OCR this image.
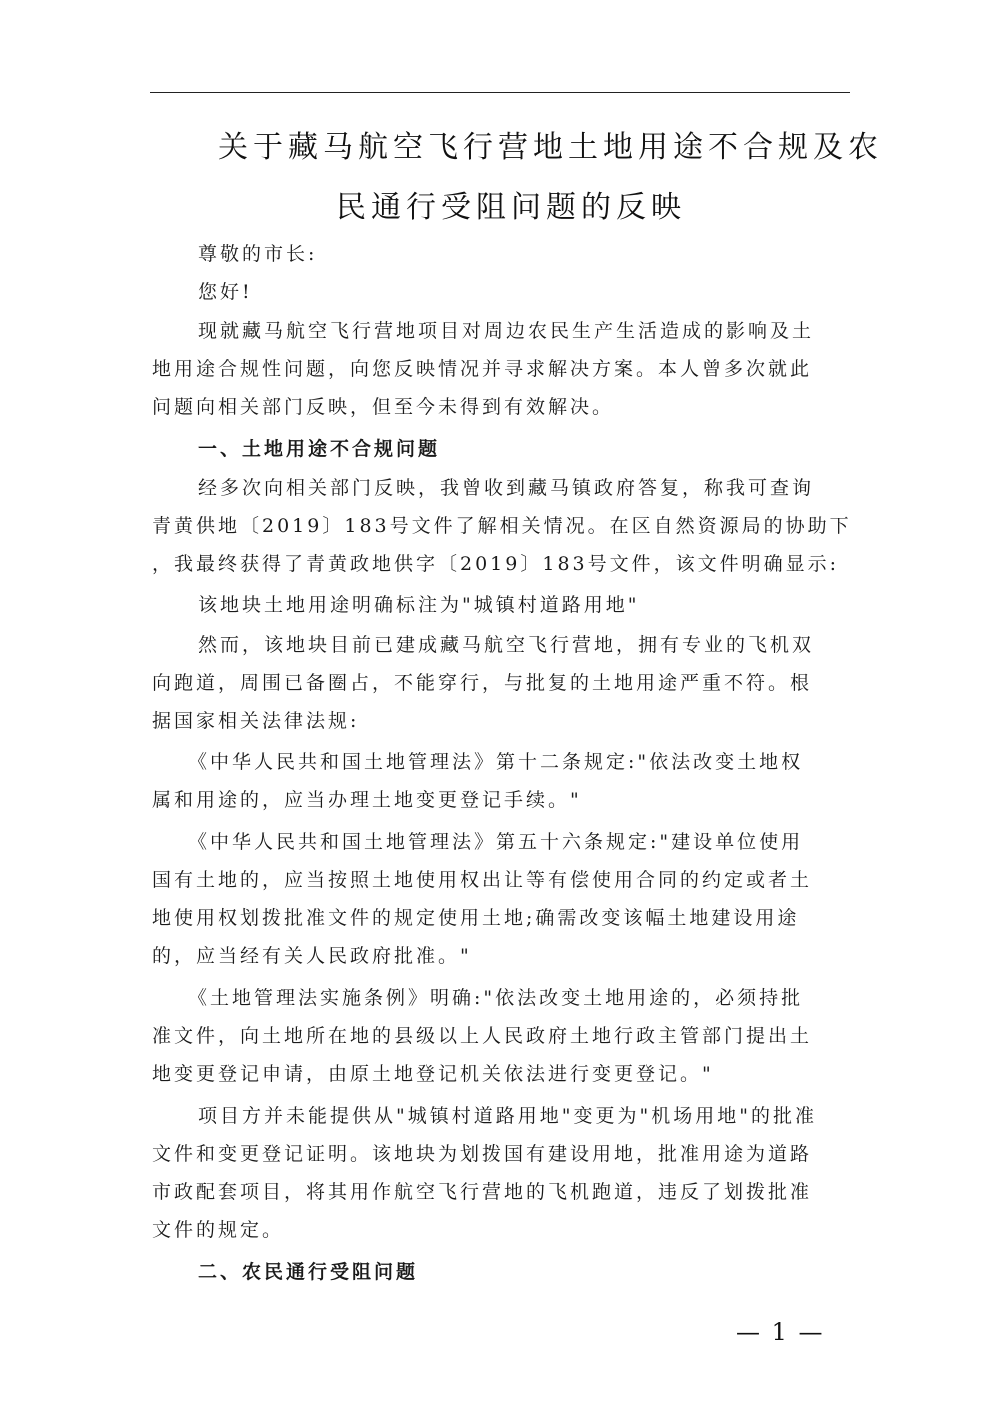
关于藏马航空飞行营地土地用途不合规及农
民通行受阻问题的反映
尊敬的市长:
您好!
现就藏马航空飞行营地项目对周边农民生产生活造成的影响及土
地用途合规性问题，向您反映情况并寻求解决方案。本人曾多次就此
问题向相关部门反映，但至今未得到有效解决。
一、土地用途不合规问题
经多次向相关部门反映，我曾收到藏马镇政府答复，称我可查询
青黄供地〔2019〕183号文件了解相关情况。在区自然资源局的协助下
，我最终获得了青黄政地供字〔2019〕183号文件，该文件明确显示:
该地块土地用途明确标注为"城镇村道路用地"
然而，该地块目前已建成藏马航空飞行营地，拥有专业的飞机双
向跑道，周围已备圈占，不能穿行，与批复的土地用途严重不符。根
据国家相关法律法规:
《中华人民共和国土地管理法》第十二条规定:"依法改变土地权
属和用途的，应当办理土地变更登记手续。"
《中华人民共和国土地管理法》第五十六条规定:"建设单位使用
国有土地的，应当按照土地使用权出让等有偿使用合同的约定或者土
地使用权划拨批准文件的规定使用土地;确需改变该幅土地建设用途
的，应当经有关人民政府批准。"
《土地管理法实施条例》明确:"依法改变土地用途的，必须持批
准文件，向土地所在地的县级以上人民政府土地行政主管部门提出土
地变更登记申请，由原土地登记机关依法进行变更登记。"
项目方并未能提供从"城镇村道路用地"变更为"机场用地"的批准
文件和变更登记证明。该地块为划拨国有建设用地，批准用途为道路
市政配套项目，将其用作航空飞行营地的飞机跑道，违反了划拨批准
文件的规定。
二、农民通行受阻问题
— 1 —
